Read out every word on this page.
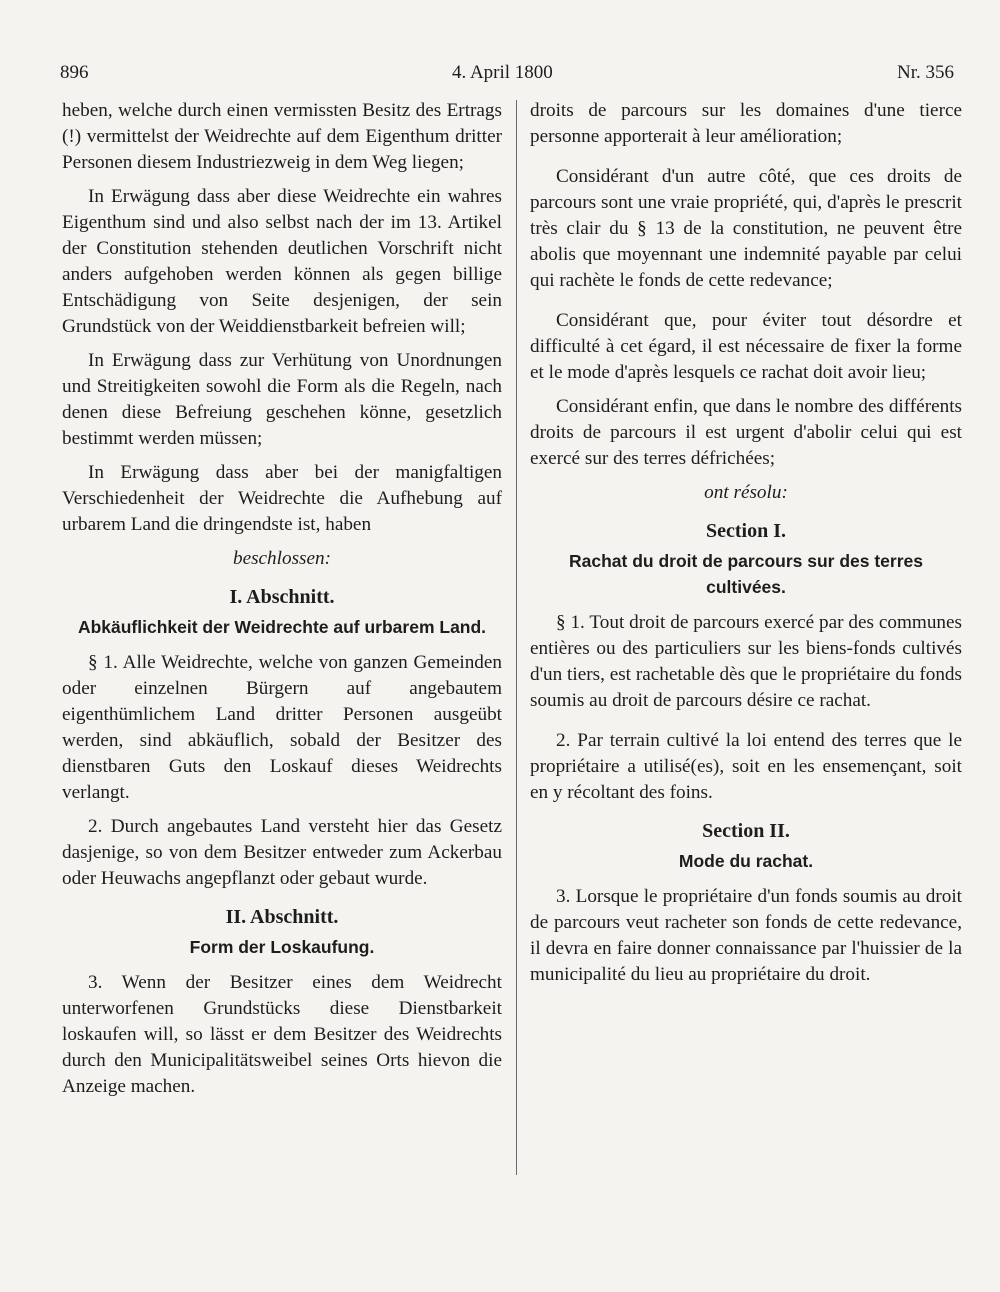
896	4. April 1800	Nr. 356

heben, welche durch einen vermissten Besitz des Ertrags (!) vermittelst der Weidrechte auf dem Eigenthum dritter Personen diesem Industriezweig in dem Weg liegen;

In Erwägung dass aber diese Weidrechte ein wahres Eigenthum sind und also selbst nach der im 13. Artikel der Constitution stehenden deutlichen Vorschrift nicht anders aufgehoben werden können als gegen billige Entschädigung von Seite desjenigen, der sein Grundstück von der Weiddienstbarkeit befreien will;

In Erwägung dass zur Verhütung von Unordnungen und Streitigkeiten sowohl die Form als die Regeln, nach denen diese Befreiung geschehen könne, gesetzlich bestimmt werden müssen;

In Erwägung dass aber bei der manigfaltigen Verschiedenheit der Weidrechte die Aufhebung auf urbarem Land die dringendste ist, haben

beschlossen:

I. Abschnitt.
Abkäuflichkeit der Weidrechte auf urbarem Land.

§ 1. Alle Weidrechte, welche von ganzen Gemeinden oder einzelnen Bürgern auf angebautem eigenthümlichem Land dritter Personen ausgeübt werden, sind abkäuflich, sobald der Besitzer des dienstbaren Guts den Loskauf dieses Weidrechts verlangt.

2. Durch angebautes Land versteht hier das Gesetz dasjenige, so von dem Besitzer entweder zum Ackerbau oder Heuwachs angepflanzt oder gebaut wurde.

II. Abschnitt.
Form der Loskaufung.

3. Wenn der Besitzer eines dem Weidrecht unterworfenen Grundstücks diese Dienstbarkeit loskaufen will, so lässt er dem Besitzer des Weidrechts durch den Municipalitätsweibel seines Orts hievon die Anzeige machen.

droits de parcours sur les domaines d'une tierce personne apporterait à leur amélioration;

Considérant d'un autre côté, que ces droits de parcours sont une vraie propriété, qui, d'après le prescrit très clair du § 13 de la constitution, ne peuvent être abolis que moyennant une indemnité payable par celui qui rachète le fonds de cette redevance;

Considérant que, pour éviter tout désordre et difficulté à cet égard, il est nécessaire de fixer la forme et le mode d'après lesquels ce rachat doit avoir lieu;

Considérant enfin, que dans le nombre des différents droits de parcours il est urgent d'abolir celui qui est exercé sur des terres défrichées;

ont résolu:

Section I.
Rachat du droit de parcours sur des terres cultivées.

§ 1. Tout droit de parcours exercé par des communes entières ou des particuliers sur les biens-fonds cultivés d'un tiers, est rachetable dès que le propriétaire du fonds soumis au droit de parcours désire ce rachat.

2. Par terrain cultivé la loi entend des terres que le propriétaire a utilisé(es), soit en les ensemençant, soit en y récoltant des foins.

Section II.
Mode du rachat.

3. Lorsque le propriétaire d'un fonds soumis au droit de parcours veut racheter son fonds de cette redevance, il devra en faire donner connaissance par l'huissier de la municipalité du lieu au propriétaire du droit.
